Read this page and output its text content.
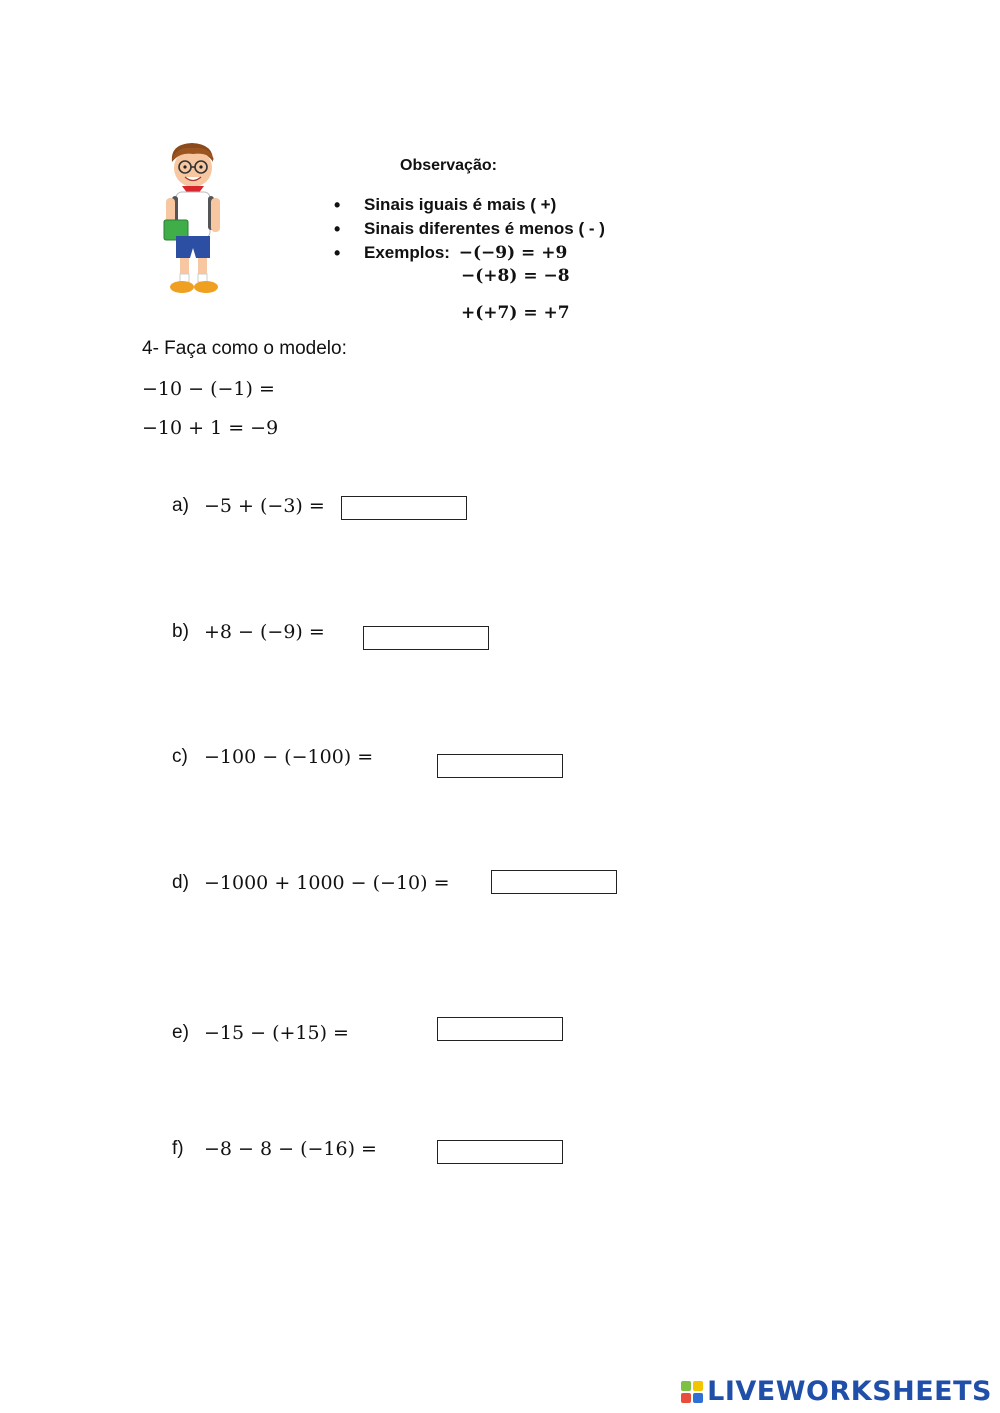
Observação:
• Sinais iguais é mais ( +)
• Sinais diferentes é menos ( - )
• Exemplos: −(−9) = +9
−(+8) = −8
+(+7) = +7
4- Faça como o modelo:
−10 − (−1) =
−10 + 1 = −9
a) −5 + (−3) =
b) +8 − (−9) =
c) −100 − (−100) =
d) −1000 + 1000 − (−10) =
e) −15 − (+15) =
f)	−8 − 8 − (−16) =
LIVEWORKSHEETS
